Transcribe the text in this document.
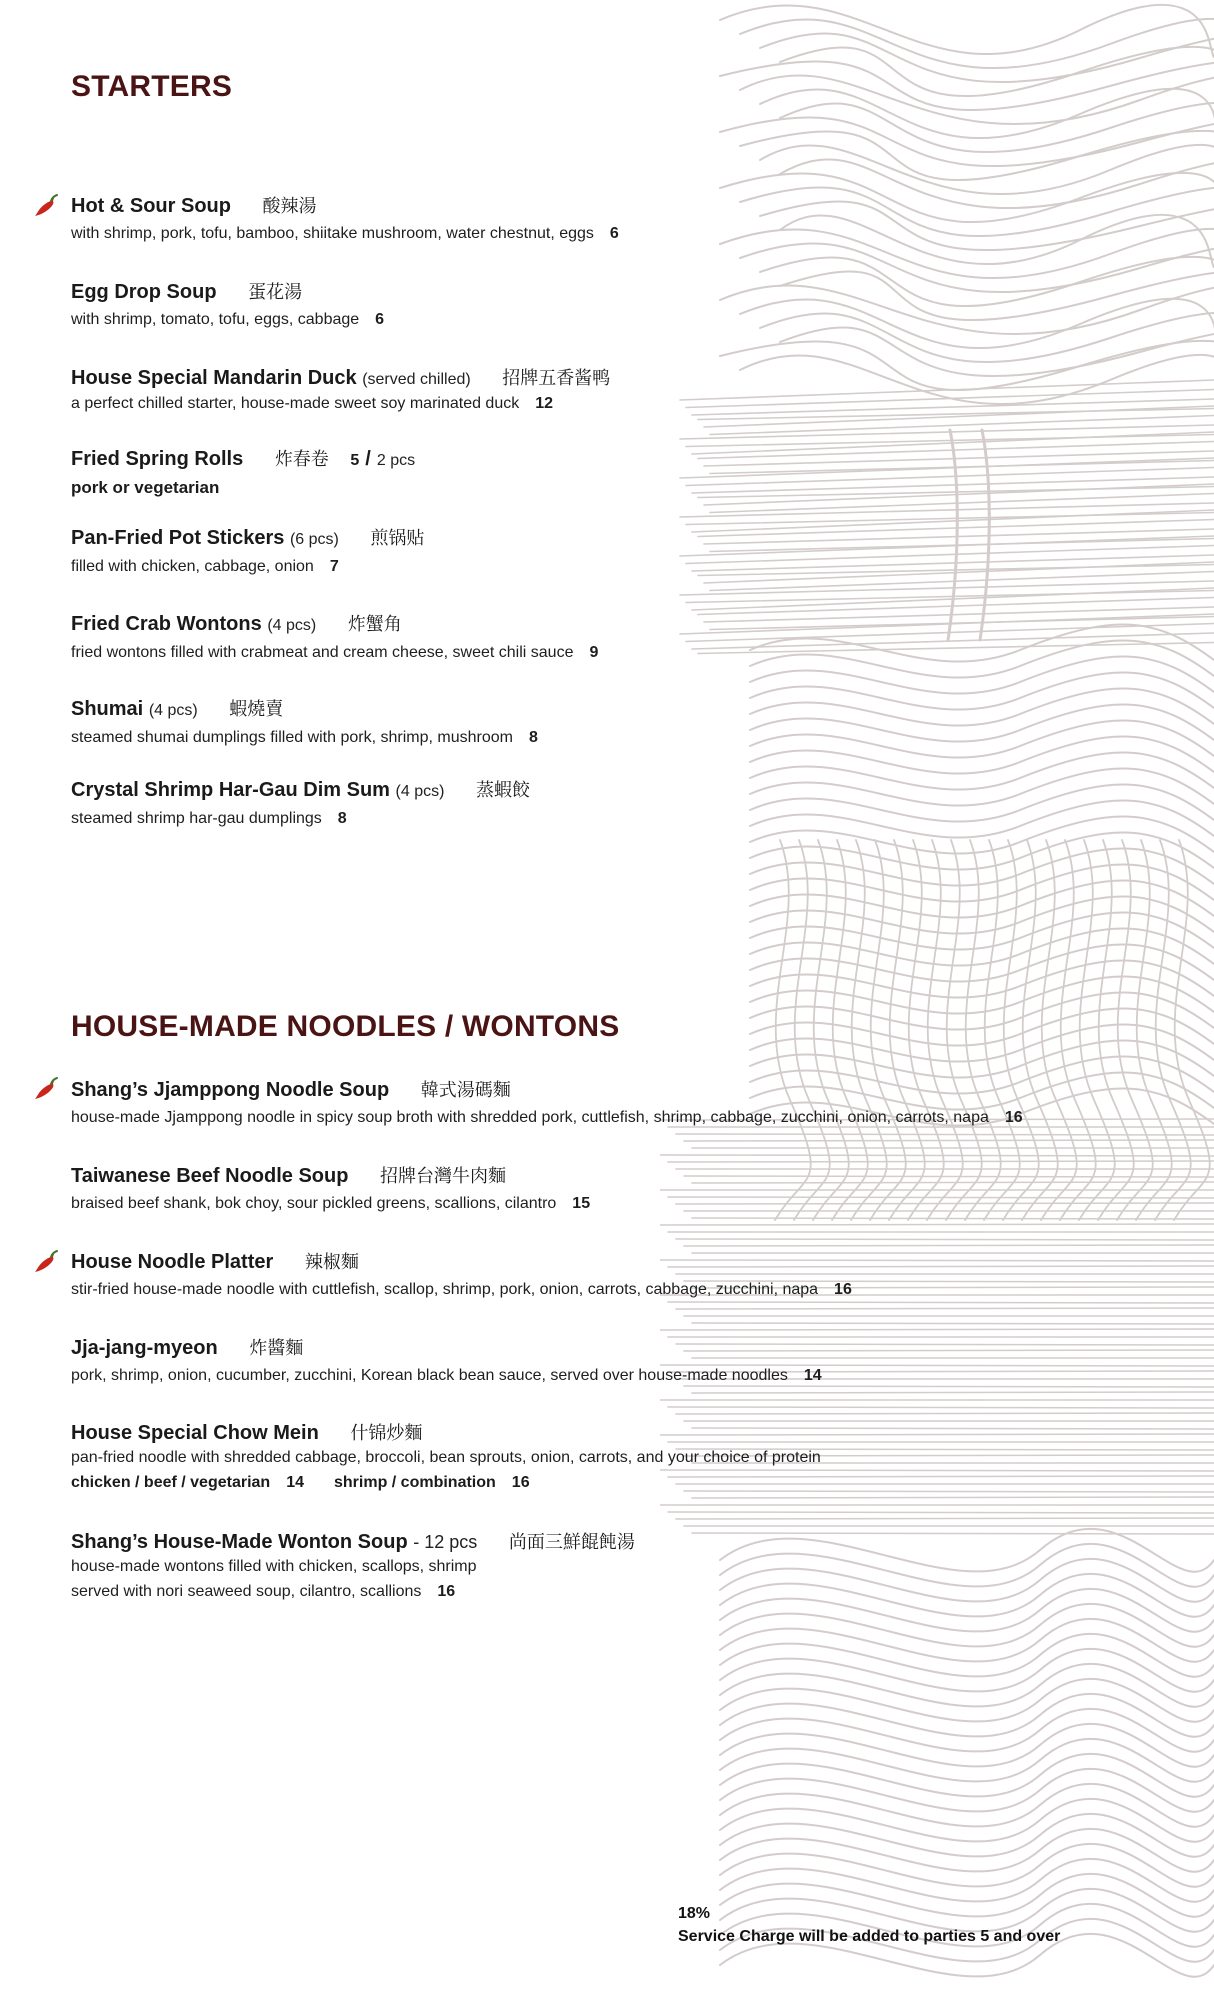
STARTERS
Hot & Sour Soup 酸辣湯
with shrimp, pork, tofu, bamboo, shiitake mushroom, water chestnut, eggs 6
Egg Drop Soup 蛋花湯
with shrimp, tomato, tofu, eggs, cabbage 6
House Special Mandarin Duck (served chilled) 招牌五香酱鸭
a perfect chilled starter, house-made sweet soy marinated duck 12
Fried Spring Rolls 炸春卷 5 / 2 pcs
pork or vegetarian
Pan-Fried Pot Stickers (6 pcs) 煎锅贴
filled with chicken, cabbage, onion 7
Fried Crab Wontons (4 pcs) 炸蟹角
fried wontons filled with crabmeat and cream cheese, sweet chili sauce 9
Shumai (4 pcs) 蝦燒賣
steamed shumai dumplings filled with pork, shrimp, mushroom 8
Crystal Shrimp Har-Gau Dim Sum (4 pcs) 蒸蝦餃
steamed shrimp har-gau dumplings 8
HOUSE-MADE NOODLES / WONTONS
Shang’s Jjamppong Noodle Soup 韓式湯碼麵
house-made Jjamppong noodle in spicy soup broth with shredded pork, cuttlefish, shrimp, cabbage, zucchini, onion, carrots, napa 16
Taiwanese Beef Noodle Soup 招牌台灣牛肉麵
braised beef shank, bok choy, sour pickled greens, scallions, cilantro 15
House Noodle Platter 辣椒麵
stir-fried house-made noodle with cuttlefish, scallop, shrimp, pork, onion, carrots, cabbage, zucchini, napa 16
Jja-jang-myeon 炸醬麵
pork, shrimp, onion, cucumber, zucchini, Korean black bean sauce, served over house-made noodles 14
House Special Chow Mein 什锦炒麵
pan-fried noodle with shredded cabbage, broccoli, bean sprouts, onion, carrots, and your choice of protein
chicken / beef / vegetarian 14 shrimp / combination 16
Shang’s House-Made Wonton Soup - 12 pcs 尚面三鮮餛飩湯
house-made wontons filled with chicken, scallops, shrimp
served with nori seaweed soup, cilantro, scallions 16
18%
Service Charge will be added to parties 5 and over
